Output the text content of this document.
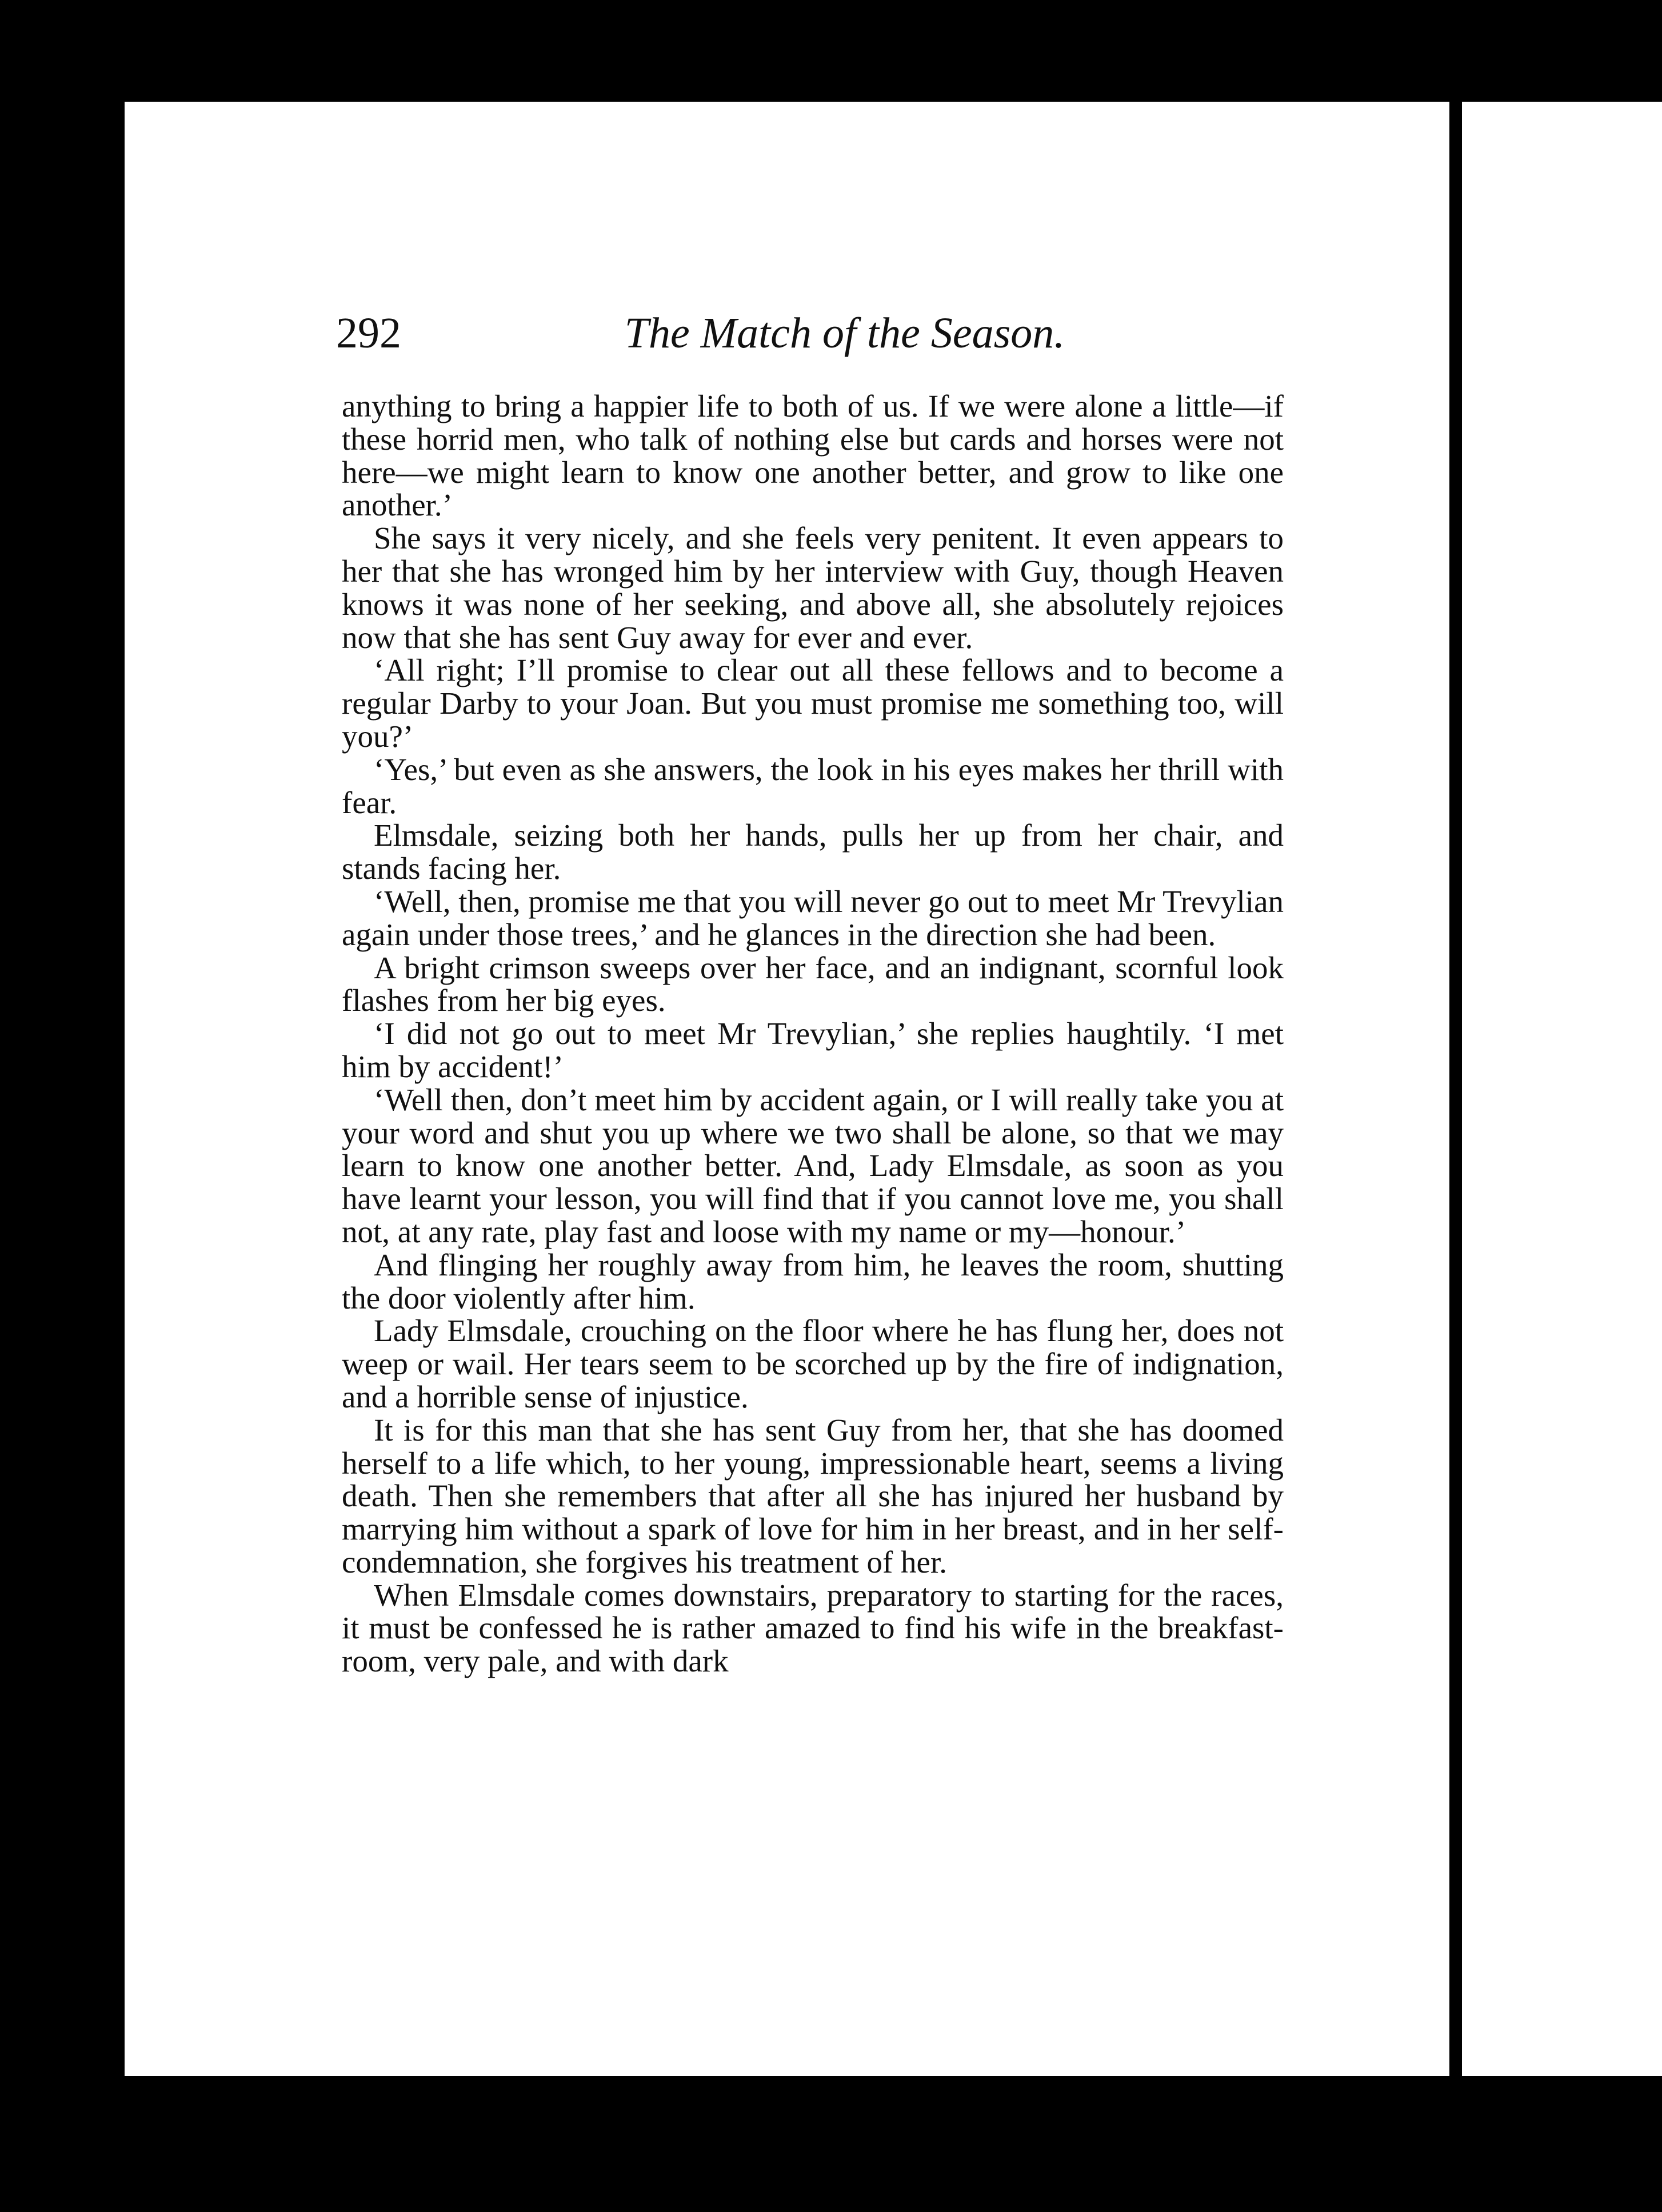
292	The Match of the Season.

anything to bring a happier life to both of us. If we were alone a little—if these horrid men, who talk of nothing else but cards and horses were not here—we might learn to know one another better, and grow to like one another.’

She says it very nicely, and she feels very penitent. It even appears to her that she has wronged him by her interview with Guy, though Heaven knows it was none of her seeking, and above all, she absolutely rejoices now that she has sent Guy away for ever and ever.

‘All right; I’ll promise to clear out all these fellows and to become a regular Darby to your Joan. But you must promise me something too, will you?’

‘Yes,’ but even as she answers, the look in his eyes makes her thrill with fear.

Elmsdale, seizing both her hands, pulls her up from her chair, and stands facing her.

‘Well, then, promise me that you will never go out to meet Mr Trevylian again under those trees,’ and he glances in the direction she had been.

A bright crimson sweeps over her face, and an indignant, scornful look flashes from her big eyes.

‘I did not go out to meet Mr Trevylian,’ she replies haughtily. ‘I met him by accident!’

‘Well then, don’t meet him by accident again, or I will really take you at your word and shut you up where we two shall be alone, so that we may learn to know one another better. And, Lady Elmsdale, as soon as you have learnt your lesson, you will find that if you cannot love me, you shall not, at any rate, play fast and loose with my name or my—honour.’

And flinging her roughly away from him, he leaves the room, shutting the door violently after him.

Lady Elmsdale, crouching on the floor where he has flung her, does not weep or wail. Her tears seem to be scorched up by the fire of indignation, and a horrible sense of injustice.

It is for this man that she has sent Guy from her, that she has doomed herself to a life which, to her young, impressionable heart, seems a living death. Then she remembers that after all she has injured her husband by marrying him without a spark of love for him in her breast, and in her self-condemnation, she forgives his treatment of her.

When Elmsdale comes downstairs, preparatory to starting for the races, it must be confessed he is rather amazed to find his wife in the breakfast-room, very pale, and with dark
